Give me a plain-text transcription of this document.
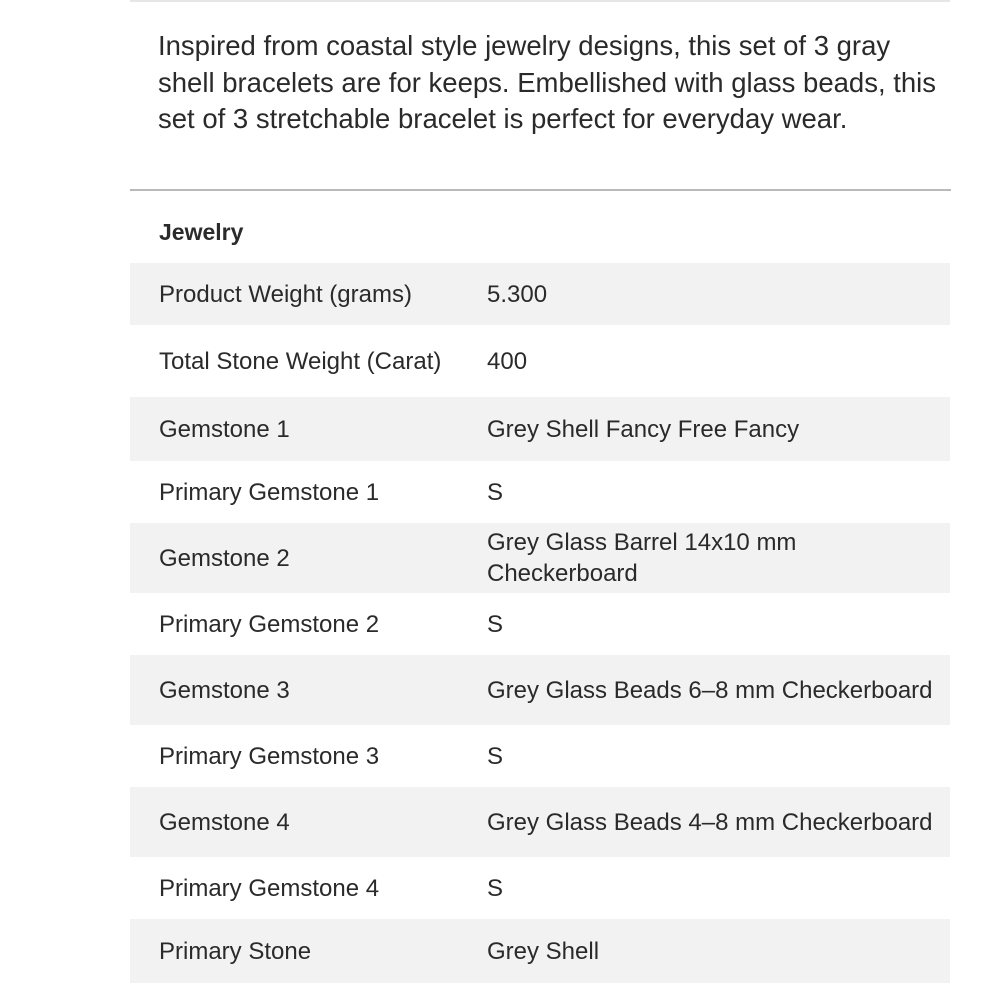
Inspired from coastal style jewelry designs, this set of 3 gray shell bracelets are for keeps. Embellished with glass beads, this set of 3 stretchable bracelet is perfect for everyday wear.

Jewelry
Product Weight (grams)	5.300
Total Stone Weight (Carat)	400
Gemstone 1	Grey Shell Fancy Free Fancy
Primary Gemstone 1	S
Gemstone 2	Grey Glass Barrel 14x10 mm Checkerboard
Primary Gemstone 2	S
Gemstone 3	Grey Glass Beads 6–8 mm Checkerboard
Primary Gemstone 3	S
Gemstone 4	Grey Glass Beads 4–8 mm Checkerboard
Primary Gemstone 4	S
Primary Stone	Grey Shell
